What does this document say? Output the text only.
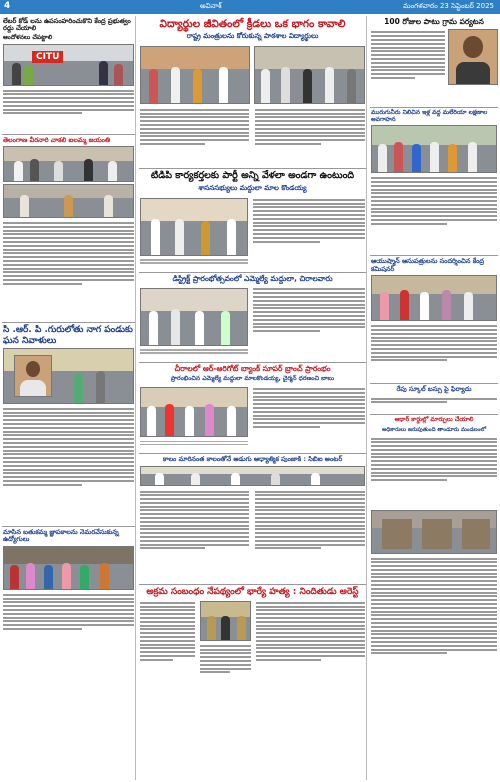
4	అవినాశ్	మంగళవారం 23 సెప్టెంబర్ 2025
లేబర్ కోడ్ లను ఉపసంహరించుకొని కేంద్ర ప్రభుత్వం రద్దు చేయాలి
ఆందోళనలు చేపట్టాలి
CITU
తెలంగాణ వీరనారి చాకలి ఐలమ్మ జయంతి
సి .ఆర్. పి .గురులోతు నాగ పండుకు ఘన నివాళులు
మాసిన బతుకమ్మ జ్ఞాపకాలను నెమరవేసుకున్న ఉద్యోగులు
విద్యార్థుల జీవితంలో క్రీడలు ఒక భాగం కావాలి
రాష్ట్ర మంత్రులను కోరుకున్న పాఠశాల విద్యార్థులు
టిడిపి కార్యకర్తలకు పార్టీ అన్ని వేళలా అండగా ఉంటుంది
శాసనసభ్యులు మద్దులా మాల కొండయ్య
డిస్ట్రిక్ట్ ప్రారంభోత్సవంలో ఎమ్మెల్యే మద్దులా, చిరాలవారు
చీరాలలో ఆర్-ఆరిగోట్ బ్యాంక్ సూపర్ బ్రాంచ్ ప్రారంభం
ప్రారంభించిన ఎమ్మెల్యే మద్దులా మాలకొండయ్య, చైర్మన్ ధరణంచి బాబు
కాలం మారినంత కాలంతోనే అడుగు ఆధ్యాత్మిక పుంజాకి : సిబిఐ అంటర్
అక్రమ సంబంధం నేపథ్యంలో భార్యే హత్య : నిందితుడు అరెస్ట్
100 రోజుల పాటు గ్రామ పర్యటన
మురుగునీరు నిలిచిన ఇళ్ల వద్ద మలేరియా లక్షణాల అవగాహన
ఆయుష్మాన్ ఆసుపత్రులను సందర్శించిన కేంద్ర కమిషనర్
రేపు స్కూల్ బస్సు పై ఫిర్యాదు
ఆధార్ కార్డుల్లో మార్పులు చేయాలి
అధికారులు జరుపుతుంది తాండూరు మండలంలో
